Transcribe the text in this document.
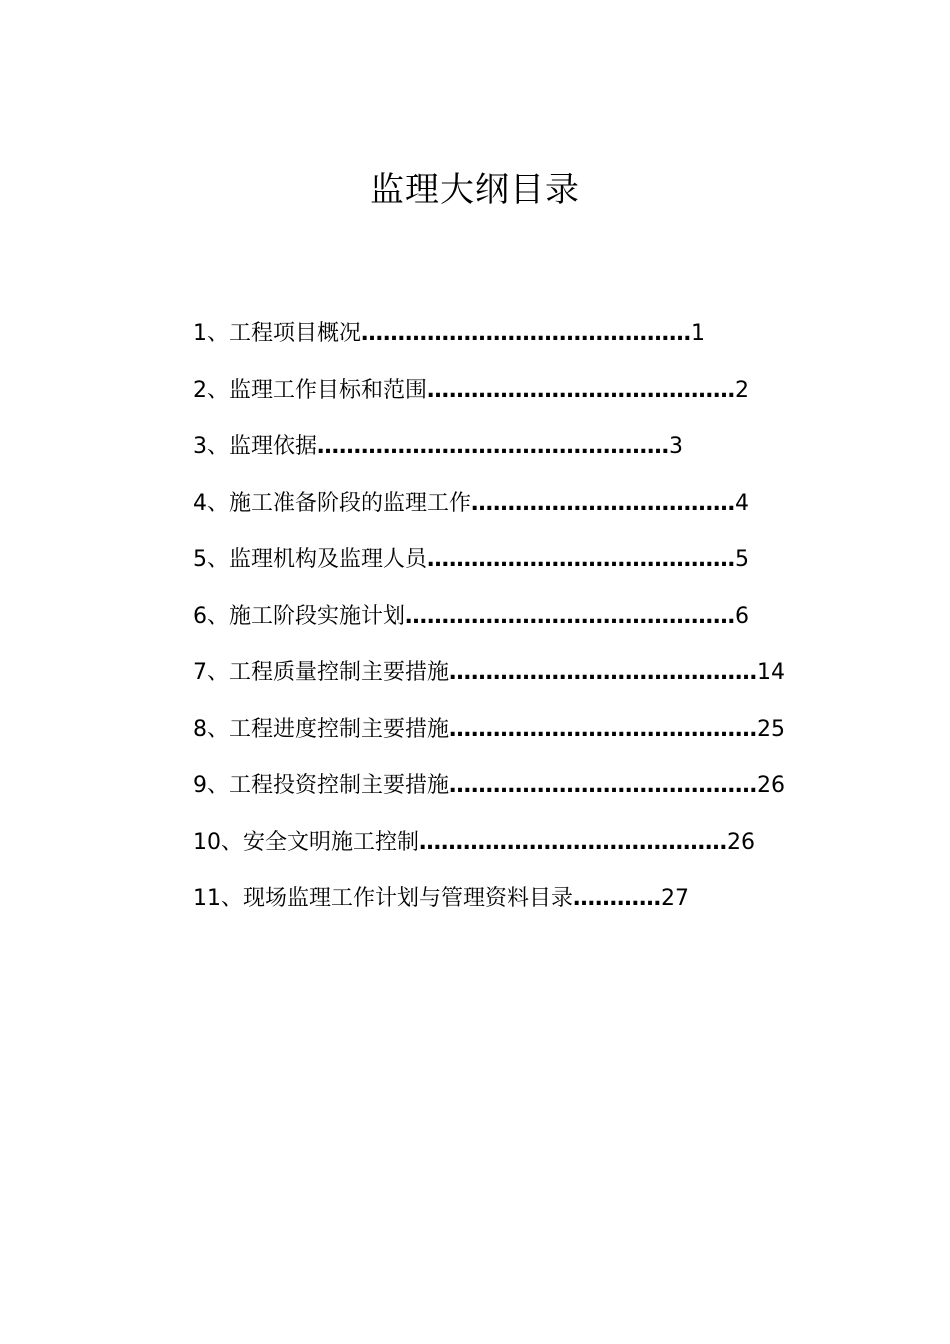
监理大纲目录
1、工程项目概况………………………………………1
2、监理工作目标和范围……………………………………2
3、监理依据…………………………………………3
4、施工准备阶段的监理工作………………………………4
5、监理机构及监理人员……………………………………5
6、施工阶段实施计划………………………………………6
7、工程质量控制主要措施……………………………………14
8、工程进度控制主要措施……………………………………25
9、工程投资控制主要措施……………………………………26
10、安全文明施工控制……………………………………26
11、现场监理工作计划与管理资料目录…………27
